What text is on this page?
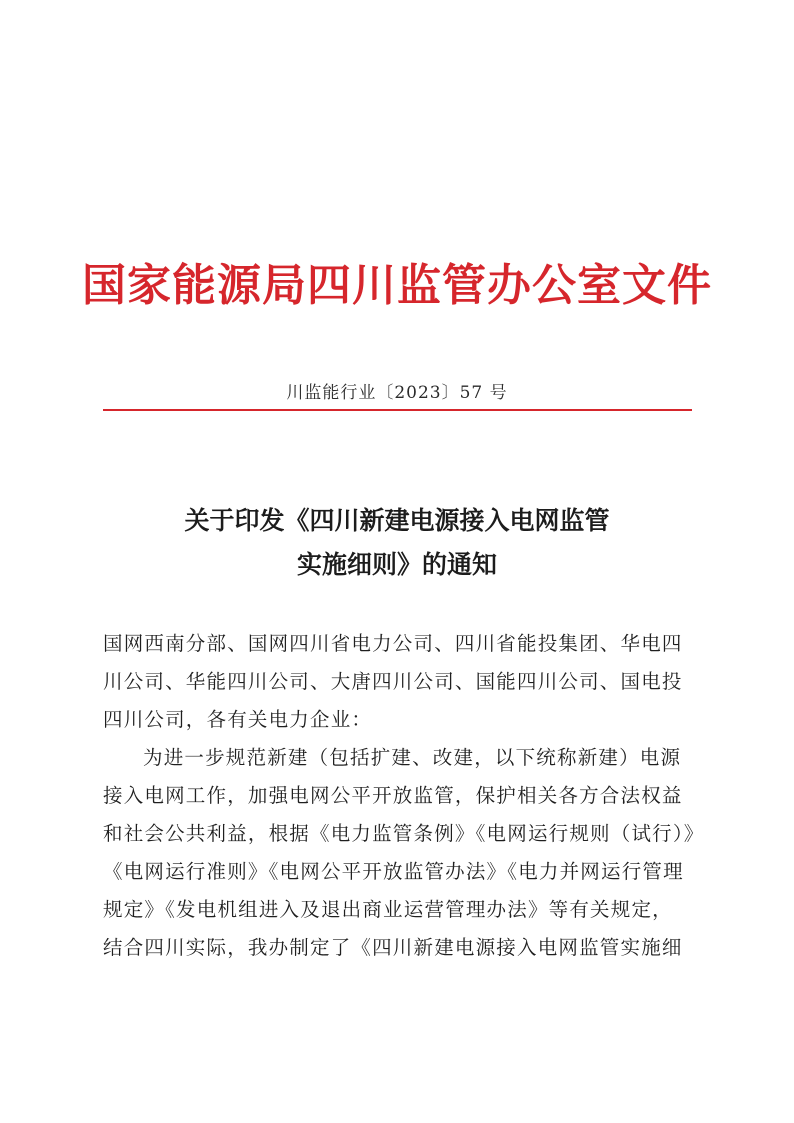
国家能源局四川监管办公室文件
川监能行业〔2023〕57 号
关于印发《四川新建电源接入电网监管
实施细则》的通知

国网西南分部、国网四川省电力公司、四川省能投集团、华电四

川公司、华能四川公司、大唐四川公司、国能四川公司、国电投

四川公司，各有关电力企业：

为进一步规范新建（包括扩建、改建，以下统称新建）电源

接入电网工作，加强电网公平开放监管，保护相关各方合法权益

和社会公共利益，根据《电力监管条例》《电网运行规则（试行）》

《电网运行准则》《电网公平开放监管办法》《电力并网运行管理

规定》《发电机组进入及退出商业运营管理办法》等有关规定，

结合四川实际，我办制定了《四川新建电源接入电网监管实施细
